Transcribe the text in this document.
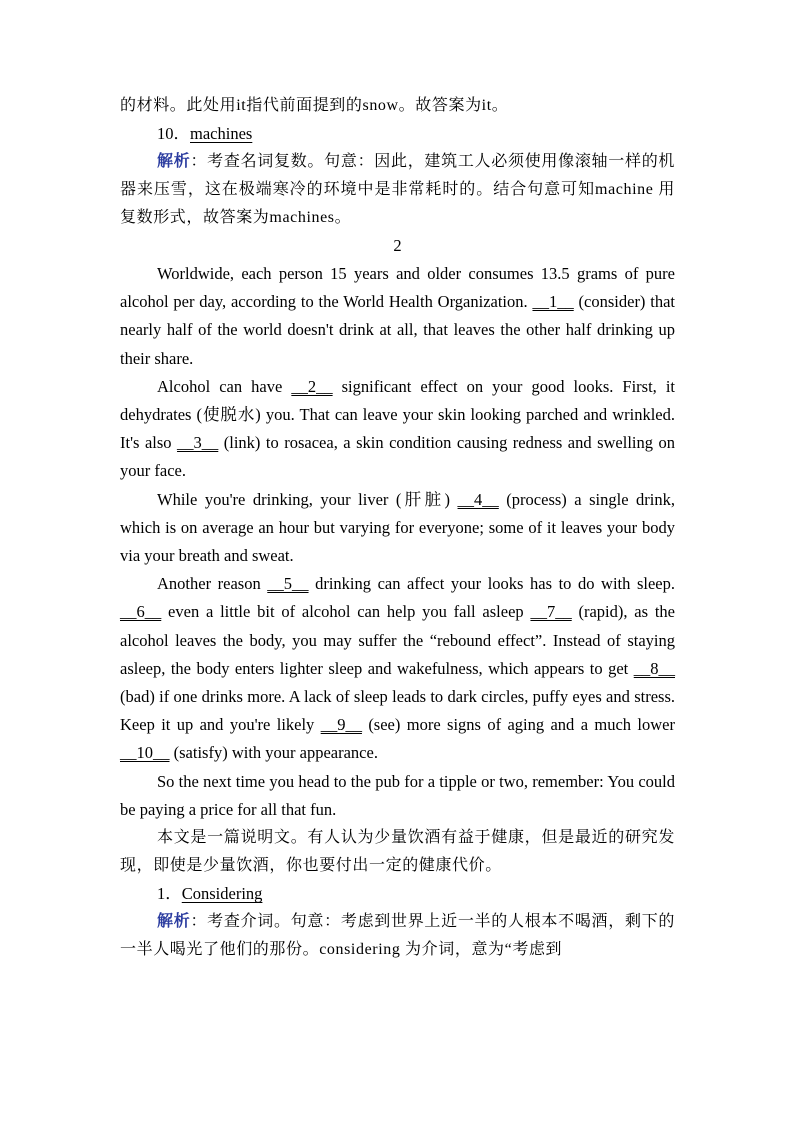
的材料。此处用it指代前面提到的snow。故答案为it。

10．machines

解析：考查名词复数。句意：因此，建筑工人必须使用像滚轴一样的机器来压雪，这在极端寒冷的环境中是非常耗时的。结合句意可知machine 用复数形式，故答案为machines。

2

Worldwide, each person 15 years and older consumes 13.5 grams of pure alcohol per day, according to the World Health Organization. __1__ (consider) that nearly half of the world doesn't drink at all, that leaves the other half drinking up their share.

Alcohol can have __2__ significant effect on your good looks. First, it dehydrates (使脱水) you. That can leave your skin looking parched and wrinkled. It's also __3__ (link) to rosacea, a skin condition causing redness and swelling on your face.

While you're drinking, your liver (肝脏) __4__ (process) a single drink, which is on average an hour but varying for everyone; some of it leaves your body via your breath and sweat.

Another reason __5__ drinking can affect your looks has to do with sleep. __6__ even a little bit of alcohol can help you fall asleep __7__ (rapid), as the alcohol leaves the body, you may suffer the “rebound effect”. Instead of staying asleep, the body enters lighter sleep and wakefulness, which appears to get __8__ (bad) if one drinks more. A lack of sleep leads to dark circles, puffy eyes and stress. Keep it up and you're likely __9__ (see) more signs of aging and a much lower __10__ (satisfy) with your appearance.

So the next time you head to the pub for a tipple or two, remember: You could be paying a price for all that fun.

本文是一篇说明文。有人认为少量饮酒有益于健康，但是最近的研究发现，即使是少量饮酒，你也要付出一定的健康代价。

1．Considering

解析：考查介词。句意：考虑到世界上近一半的人根本不喝酒，剩下的一半人喝光了他们的那份。considering 为介词，意为“考虑到
